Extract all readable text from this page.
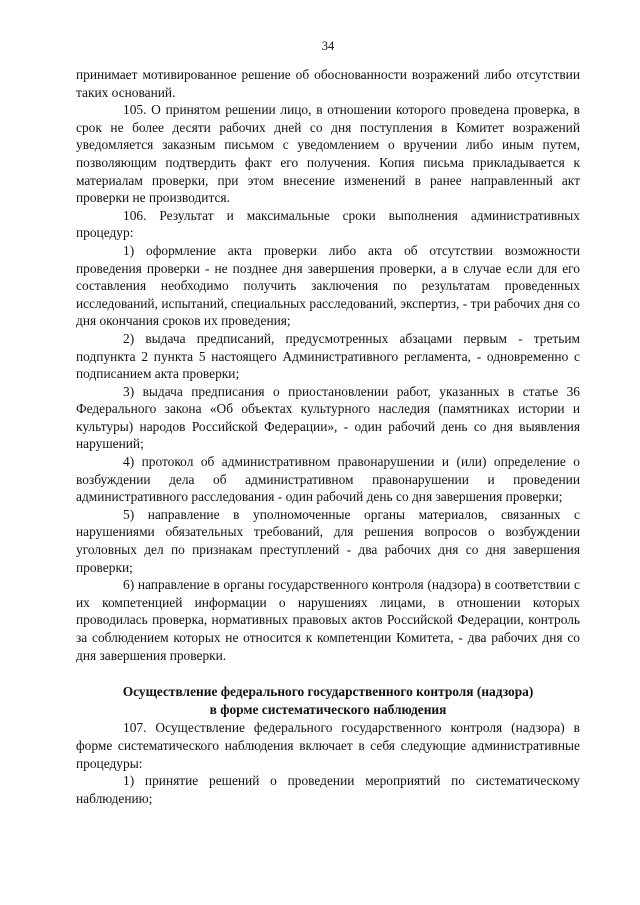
34

принимает мотивированное решение об обоснованности возражений либо отсутствии таких оснований.

105. О принятом решении лицо, в отношении которого проведена проверка, в срок не более десяти рабочих дней со дня поступления в Комитет возражений уведомляется заказным письмом с уведомлением о вручении либо иным путем, позволяющим подтвердить факт его получения. Копия письма прикладывается к материалам проверки, при этом внесение изменений в ранее направленный акт проверки не производится.

106. Результат и максимальные сроки выполнения административных процедур:

1) оформление акта проверки либо акта об отсутствии возможности проведения проверки - не позднее дня завершения проверки, а в случае если для его составления необходимо получить заключения по результатам проведенных исследований, испытаний, специальных расследований, экспертиз, - три рабочих дня со дня окончания сроков их проведения;

2) выдача предписаний, предусмотренных абзацами первым - третьим подпункта 2 пункта 5 настоящего Административного регламента, - одновременно с подписанием акта проверки;

3) выдача предписания о приостановлении работ, указанных в статье 36 Федерального закона «Об объектах культурного наследия (памятниках истории и культуры) народов Российской Федерации», - один рабочий день со дня выявления нарушений;

4) протокол об административном правонарушении и (или) определение о возбуждении дела об административном правонарушении и проведении административного расследования - один рабочий день со дня завершения проверки;

5) направление в уполномоченные органы материалов, связанных с нарушениями обязательных требований, для решения вопросов о возбуждении уголовных дел по признакам преступлений - два рабочих дня со дня завершения проверки;

6) направление в органы государственного контроля (надзора) в соответствии с их компетенцией информации о нарушениях лицами, в отношении которых проводилась проверка, нормативных правовых актов Российской Федерации, контроль за соблюдением которых не относится к компетенции Комитета, - два рабочих дня со дня завершения проверки.

Осуществление федерального государственного контроля (надзора)
в форме систематического наблюдения

107. Осуществление федерального государственного контроля (надзора) в форме систематического наблюдения включает в себя следующие административные процедуры:

1) принятие решений о проведении мероприятий по систематическому наблюдению;
